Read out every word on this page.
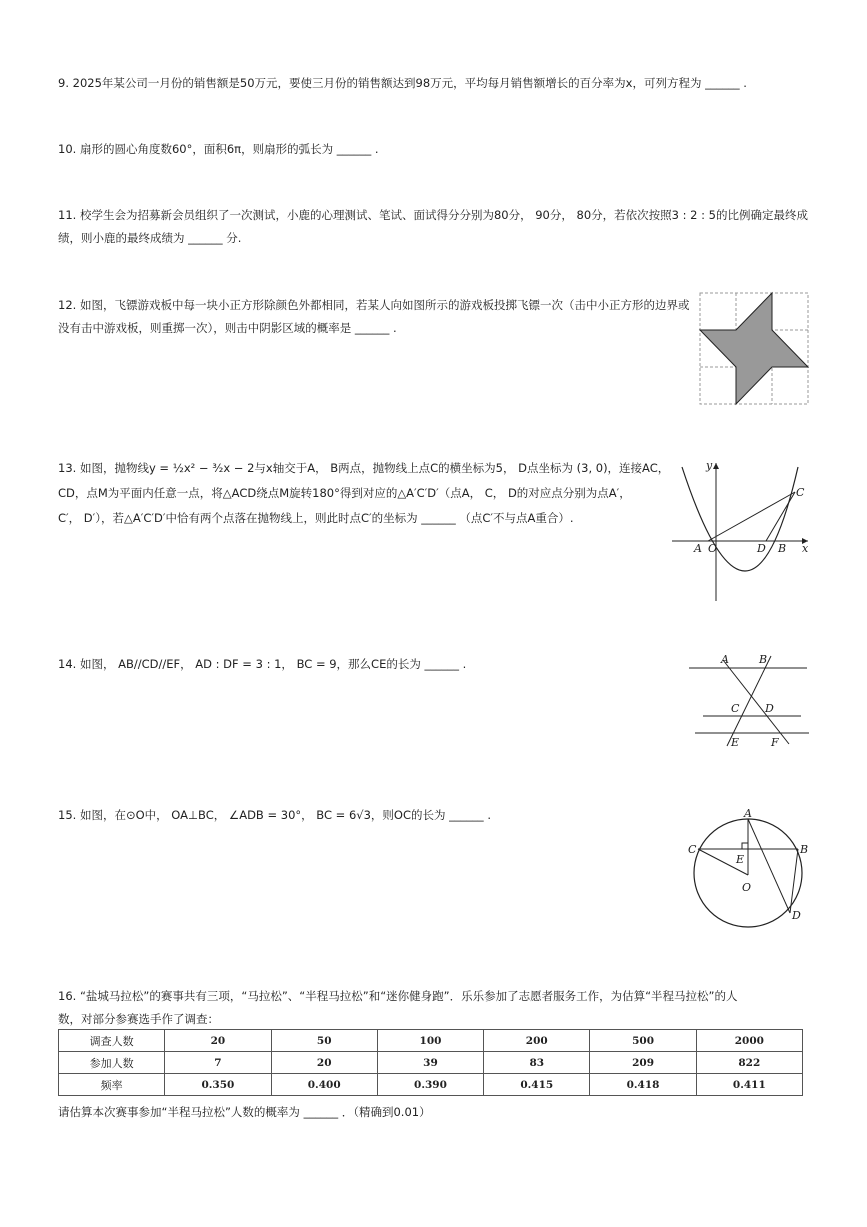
9. 2025年某公司一月份的销售额是50万元，要使三月份的销售额达到98万元，平均每月销售额增长的百分率为x，可列方程为 ______ .

10. 扇形的圆心角度数60°，面积6π，则扇形的弧长为 ______ .

11. 校学生会为招募新会员组织了一次测试，小鹿的心理测试、笔试、面试得分分别为80分， 90分， 80分，若依次按照3 : 2 : 5的比例确定最终成

绩，则小鹿的最终成绩为 ______ 分.

12. 如图，飞镖游戏板中每一块小正方形除颜色外都相同，若某人向如图所示的游戏板投掷飞镖一次（击中小正方形的边界或

没有击中游戏板，则重掷一次），则击中阴影区域的概率是 ______ .

13. 如图，抛物线y = ½x² − ³⁄₂x − 2与x轴交于A， B两点，抛物线上点C的横坐标为5， D点坐标为 (3, 0)，连接AC，

CD，点M为平面内任意一点，将△ACD绕点M旋转180°得到对应的△A′C′D′（点A， C， D的对应点分别为点A′，

C′， D′），若△A′C′D′中恰有两个点落在抛物线上，则此时点C′的坐标为 ______ （点C′不与点A重合）.

y
C
A O	D B x

14. 如图， AB//CD//EF， AD : DF = 3 : 1， BC = 9，那么CE的长为 ______ .	A	B
C D
E	F

15. 如图，在⊙O中， OA⊥BC， ∠ADB = 30°， BC = 6√3，则OC的长为 ______ .	A
B
C
D
E
O

16. “盐城马拉松”的赛事共有三项，“马拉松”、“半程马拉松”和“迷你健身跑”．乐乐参加了志愿者服务工作，为估算“半程马拉松”的人

数，对部分参赛选手作了调查：

调查人数	20	50	100	200	500	2000
参加人数	7	20	39	83	209	822
频率	0.350	0.400	0.390	0.415	0.418	0.411

请估算本次赛事参加“半程马拉松”人数的概率为 ______ ．（精确到0.01）
